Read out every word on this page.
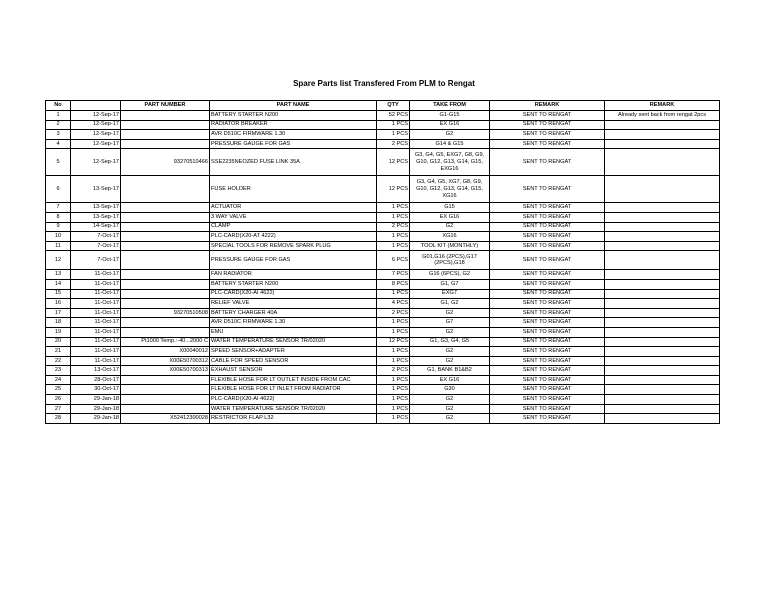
Spare Parts list Transfered From PLM to Rengat
No		PART NUMBER	PART NAME	QTY	TAKE FROM	REMARK	REMARK
1	12-Sep-17		BATTERY STARTER N200	52 PCS	G1-G15	SENT TO RENGAT	Already sent back from rengat 2pcs
2	12-Sep-17		RADIATOR BREAKER	1 PCS	EX G16	SENT TO RENGAT	
3	12-Sep-17		AVR D510C FIRMWARE 1.30	1 PCS	G2	SENT TO RENGAT	
4	12-Sep-17		PRESSURE GAUGE FOR GAS	2 PCS	G14 & G15	SENT TO RENGAT	
5	12-Sep-17	93270510466	SSE2235NEOZED FUSE LINK 35A	12 PCS	G3, G4, G5, EXG7, G8, G9, G10, G12, G13, G14, G15, EXG16	SENT TO RENGAT	
6	13-Sep-17		FUSE HOLDER	12 PCS	G3, G4, G5, XG7, G8, G9, G10, G12, G13, G14, G15, XG16	SENT TO RENGAT	
7	13-Sep-17		ACTUATOR	1 PCS	G15	SENT TO RENGAT	
8	13-Sep-17		3 WAY VALVE	1 PCS	EX G16	SENT TO RENGAT	
9	14-Sep-17		CLAMP	2 PCS	G2	SENT TO RENGAT	
10	7-Oct-17		PLC-CARD(X20-AT 4222)	1 PCS	XG16	SENT TO RENGAT	
11	7-Oct-17		SPECIAL TOOLS FOR REMOVE SPARK PLUG	1 PCS	TOOL KIT (MONTHLY)	SENT TO RENGAT	
12	7-Oct-17		PRESSURE GAUGE FOR GAS	6 PCS	G01,G16 (2PCS),G17 (2PCS),G18	SENT TO RENGAT	
13	11-Oct-17		FAN RADIATOR	7 PCS	G16 (6PCS), G2	SENT TO RENGAT	
14	11-Oct-17		BATTERY STARTER N200	8 PCS	G1, G7	SENT TO RENGAT	
15	11-Oct-17		PLC-CARD(X20-AI 4622)	1 PCS	EXG7	SENT TO RENGAT	
16	11-Oct-17		RELIEF VALVE	4 PCS	G1, G2	SENT TO RENGAT	
17	11-Oct-17	93270510508	BATTERY CHARGER 40A	2 PCS	G2	SENT TO RENGAT	
18	11-Oct-17		AVR D510C FIRMWARE 1.30	1 PCS	G7	SENT TO RENGAT	
19	11-Oct-17		EMU	1 PCS	G2	SENT TO RENGAT	
20	11-Oct-17	Pt1000 Temp.:-40...2000 C	WATER TEMPERATURE SENSOR TR/02020	12 PCS	G1, G3, G4, G5	SENT TO RENGAT	
21	11-Oct-17	X00040012	SPEED SENSOR+ADAPTER	1 PCS	G2	SENT TO RENGAT	
22	11-Oct-17	X00E50700312	CABLE FOR SPEED SENSOR	1 PCS	G2	SENT TO RENGAT	
23	13-Oct-17	X00E50700313	EXHAUST SENSOR	2 PCS	G1, BANK B1&B2	SENT TO RENGAT	
24	28-Oct-17		FLEXIBLE HOSE FOR LT OUTLET INSIDE FROM CAC	1 PCS	EX G16	SENT TO RENGAT	
25	30-Oct-17		FLEXIBLE HOSE FOR LT INLET FROM RADIATOR	1 PCS	G30	SENT TO RENGAT	
26	29-Jan-18		PLC-CARD(X20-AI 4622)	1 PCS	G2	SENT TO RENGAT	
27	29-Jan-18		WATER TEMPERATURE SENSOR TR/02020	1 PCS	G2	SENT TO RENGAT	
28	29-Jan-18	X52412300028	RESTRICTOR FLAP L32	1 PCS	G2	SENT TO RENGAT	
